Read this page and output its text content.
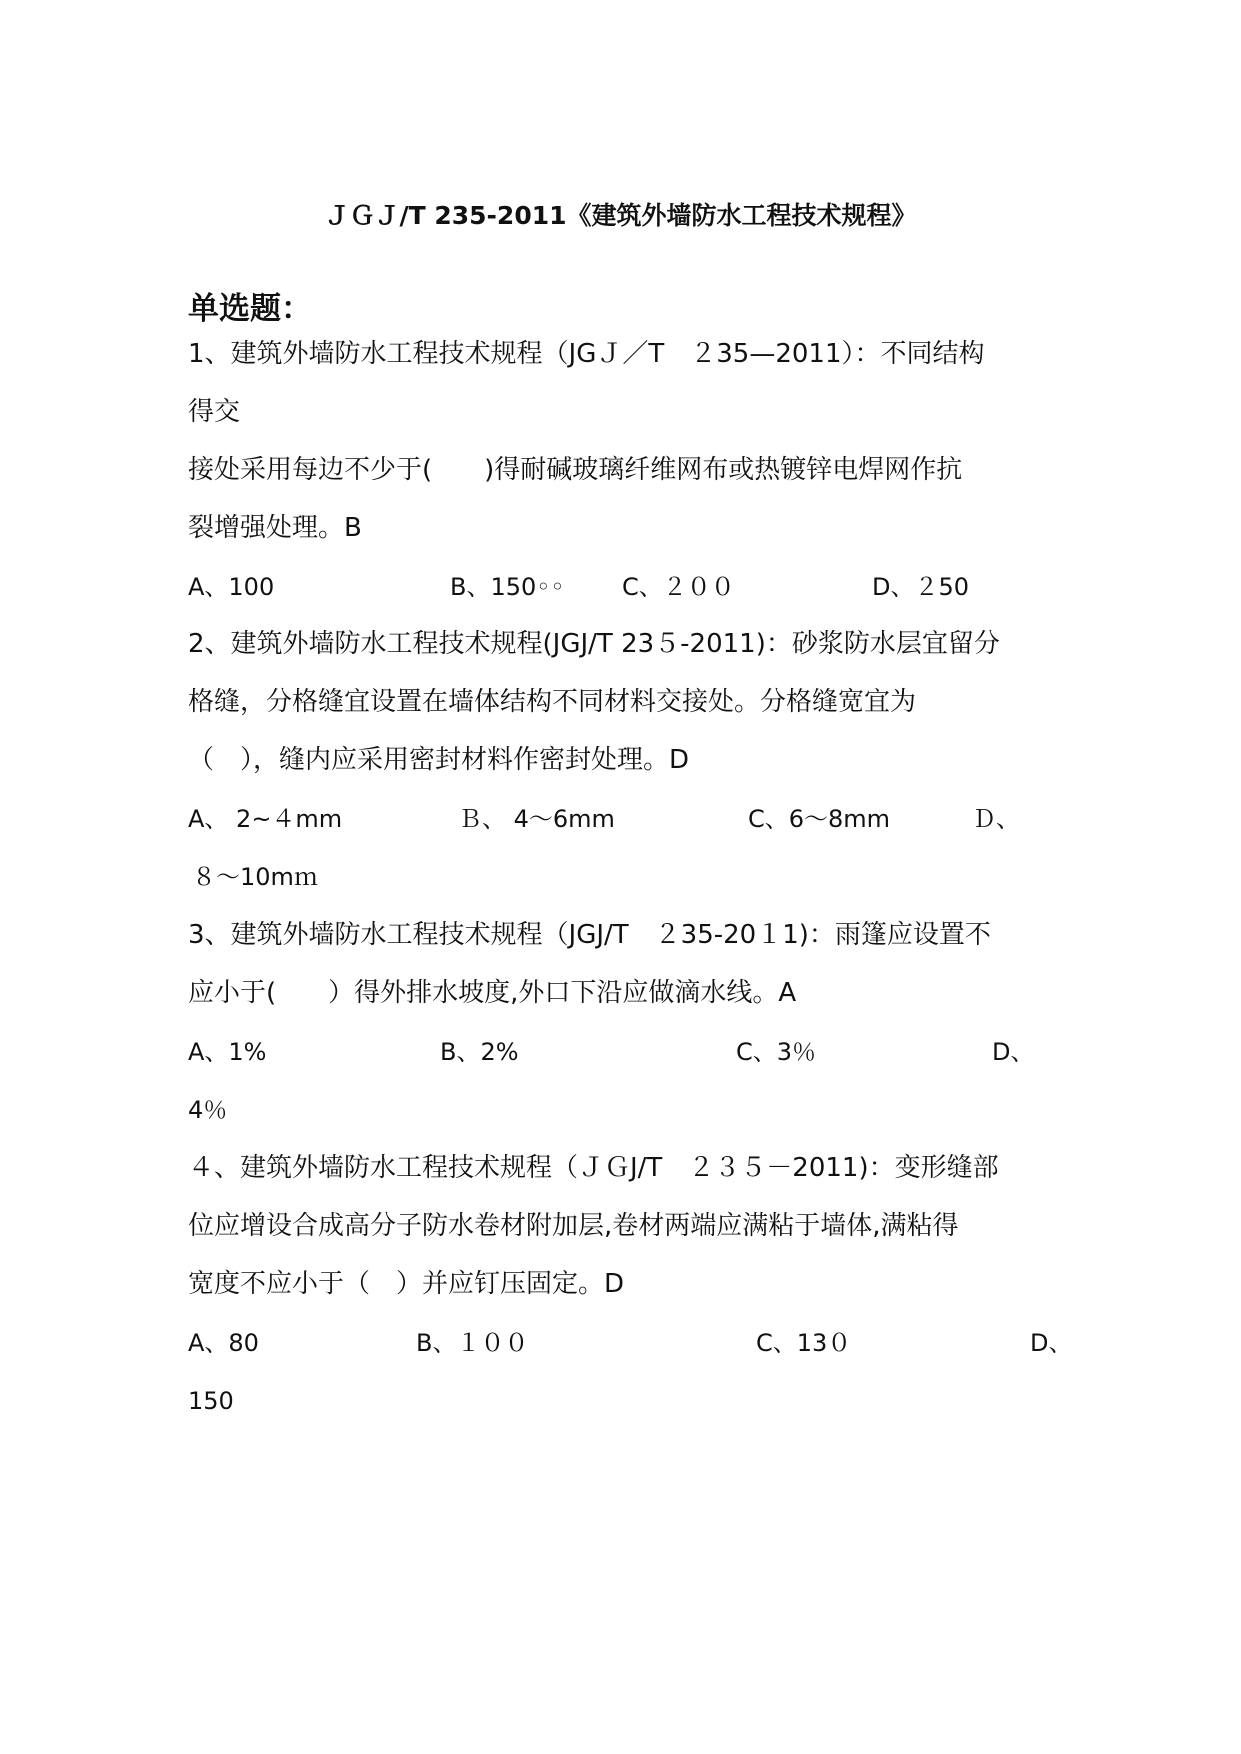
ＪＧＪ/T 235-2011《建筑外墙防水工程技术规程》
单选题：
1、建筑外墙防水工程技术规程（JGＪ／T　２35—2011）：不同结构
得交
接处采用每边不少于(　　)得耐碱玻璃纤维网布或热镀锌电焊网作抗
裂增强处理。B
A、100	B、150◦◦ C、２００	D、２50
2、建筑外墙防水工程技术规程(JGJ/T 23５-2011)：砂浆防水层宜留分
格缝，分格缝宜设置在墙体结构不同材料交接处。分格缝宽宜为
（　），缝内应采用密封材料作密封处理。D
A、 2~４mm	Ｂ、 4～6mm	C、6～8mm	Ｄ、
８～10mｍ
3、建筑外墙防水工程技术规程（JGJ/T　２35-20１1)：雨篷应设置不
应小于(　　）得外排水坡度,外口下沿应做滴水线。A
A、1%	B、2%	C、3％	D、
4％
４、建筑外墙防水工程技术规程（ＪＧJ/T　２３５－2011)：变形缝部
位应增设合成高分子防水卷材附加层,卷材两端应满粘于墙体,满粘得
宽度不应小于（　）并应钉压固定。D
A、80	B、１００	C、13０	D、
150
